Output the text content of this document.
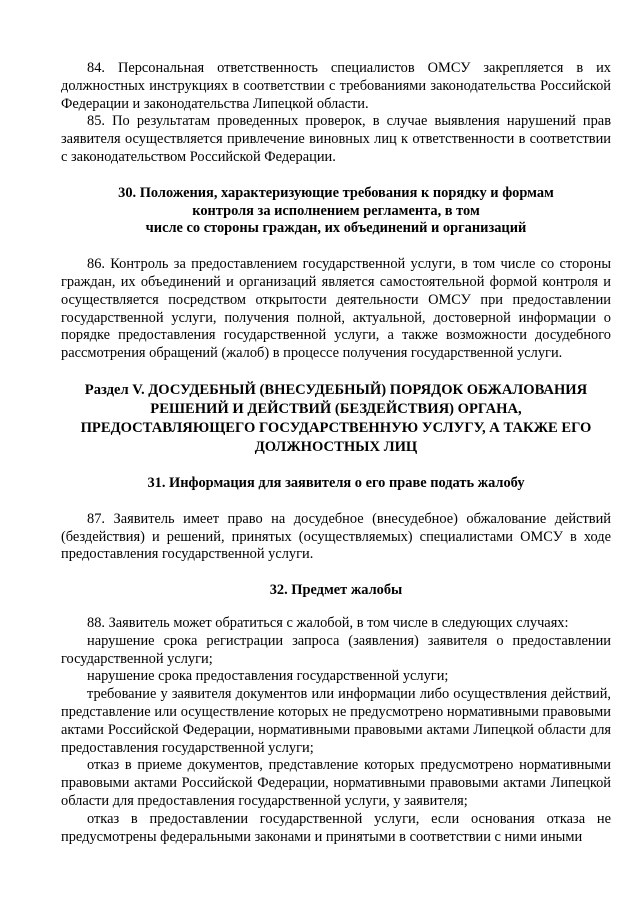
84. Персональная ответственность специалистов ОМСУ закрепляется в их должностных инструкциях в соответствии с требованиями законодательства Российской Федерации и законодательства Липецкой области.

85. По результатам проведенных проверок, в случае выявления нарушений прав заявителя осуществляется привлечение виновных лиц к ответственности в соответствии с законодательством Российской Федерации.

30. Положения, характеризующие требования к порядку и формам
контроля за исполнением регламента, в том
числе со стороны граждан, их объединений и организаций

86. Контроль за предоставлением государственной услуги, в том числе со стороны граждан, их объединений и организаций является самостоятельной формой контроля и осуществляется посредством открытости деятельности ОМСУ при предоставлении государственной услуги, получения полной, актуальной, достоверной информации о порядке предоставления государственной услуги, а также возможности досудебного рассмотрения обращений (жалоб) в процессе получения государственной услуги.

Раздел V. ДОСУДЕБНЫЙ (ВНЕСУДЕБНЫЙ) ПОРЯДОК ОБЖАЛОВАНИЯ
РЕШЕНИЙ И ДЕЙСТВИЙ (БЕЗДЕЙСТВИЯ) ОРГАНА,
ПРЕДОСТАВЛЯЮЩЕГО ГОСУДАРСТВЕННУЮ УСЛУГУ, А ТАКЖЕ ЕГО
ДОЛЖНОСТНЫХ ЛИЦ
31. Информация для заявителя о его праве подать жалобу

87. Заявитель имеет право на досудебное (внесудебное) обжалование действий (бездействия) и решений, принятых (осуществляемых) специалистами ОМСУ в ходе предоставления государственной услуги.

32. Предмет жалобы

88. Заявитель может обратиться с жалобой, в том числе в следующих случаях:

нарушение срока регистрации запроса (заявления) заявителя о предоставлении государственной услуги;

нарушение срока предоставления государственной услуги;

требование у заявителя документов или информации либо осуществления действий, представление или осуществление которых не предусмотрено нормативными правовыми актами Российской Федерации, нормативными правовыми актами Липецкой области для предоставления государственной услуги;

отказ в приеме документов, представление которых предусмотрено нормативными правовыми актами Российской Федерации, нормативными правовыми актами Липецкой области для предоставления государственной услуги, у заявителя;

отказ в предоставлении государственной услуги, если основания отказа не предусмотрены федеральными законами и принятыми в соответствии с ними иными
